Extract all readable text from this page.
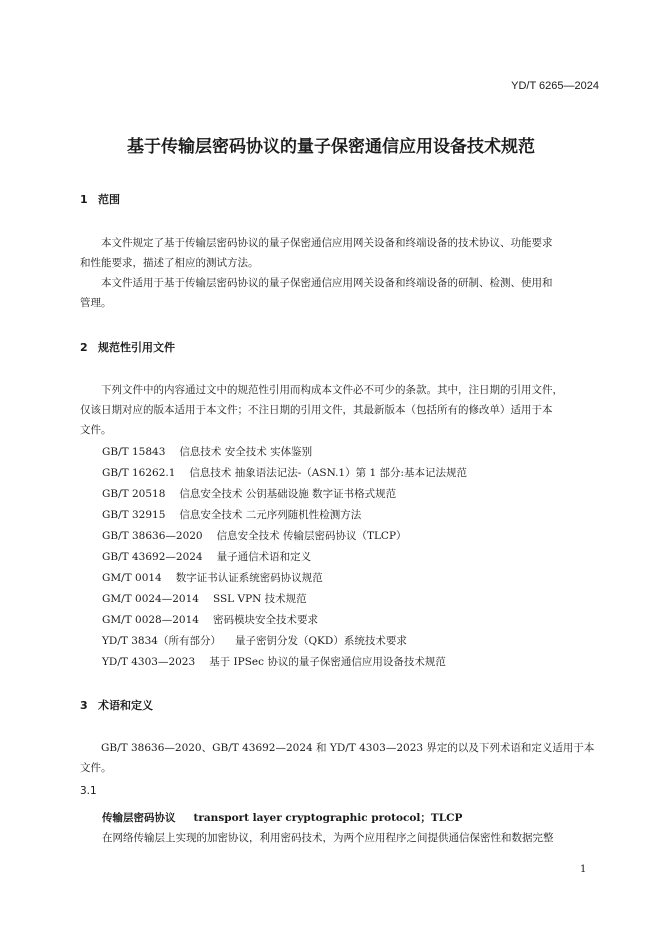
YD/T 6265—2024
基于传输层密码协议的量子保密通信应用设备技术规范
1 范围
本文件规定了基于传输层密码协议的量子保密通信应用网关设备和终端设备的技术协议、功能要求
和性能要求，描述了相应的测试方法。
本文件适用于基于传输层密码协议的量子保密通信应用网关设备和终端设备的研制、检测、使用和
管理。
2 规范性引用文件
下列文件中的内容通过文中的规范性引用而构成本文件必不可少的条款。其中，注日期的引用文件，
仅该日期对应的版本适用于本文件；不注日期的引用文件，其最新版本（包括所有的修改单）适用于本
文件。
GB/T 15843 信息技术 安全技术 实体鉴别
GB/T 16262.1 信息技术 抽象语法记法-（ASN.1）第 1 部分:基本记法规范
GB/T 20518 信息安全技术 公钥基础设施 数字证书格式规范
GB/T 32915 信息安全技术 二元序列随机性检测方法
GB/T 38636—2020 信息安全技术 传输层密码协议（TLCP）
GB/T 43692—2024 量子通信术语和定义
GM/T 0014 数字证书认证系统密码协议规范
GM/T 0024—2014 SSL VPN 技术规范
GM/T 0028—2014 密码模块安全技术要求
YD/T 3834（所有部分） 量子密钥分发（QKD）系统技术要求
YD/T 4303—2023 基于 IPSec 协议的量子保密通信应用设备技术规范
3 术语和定义
GB/T 38636—2020、GB/T 43692—2024 和 YD/T 4303—2023 界定的以及下列术语和定义适用于本
文件。
3.1
传输层密码协议 transport layer cryptographic protocol；TLCP
在网络传输层上实现的加密协议，利用密码技术，为两个应用程序之间提供通信保密性和数据完整
1
